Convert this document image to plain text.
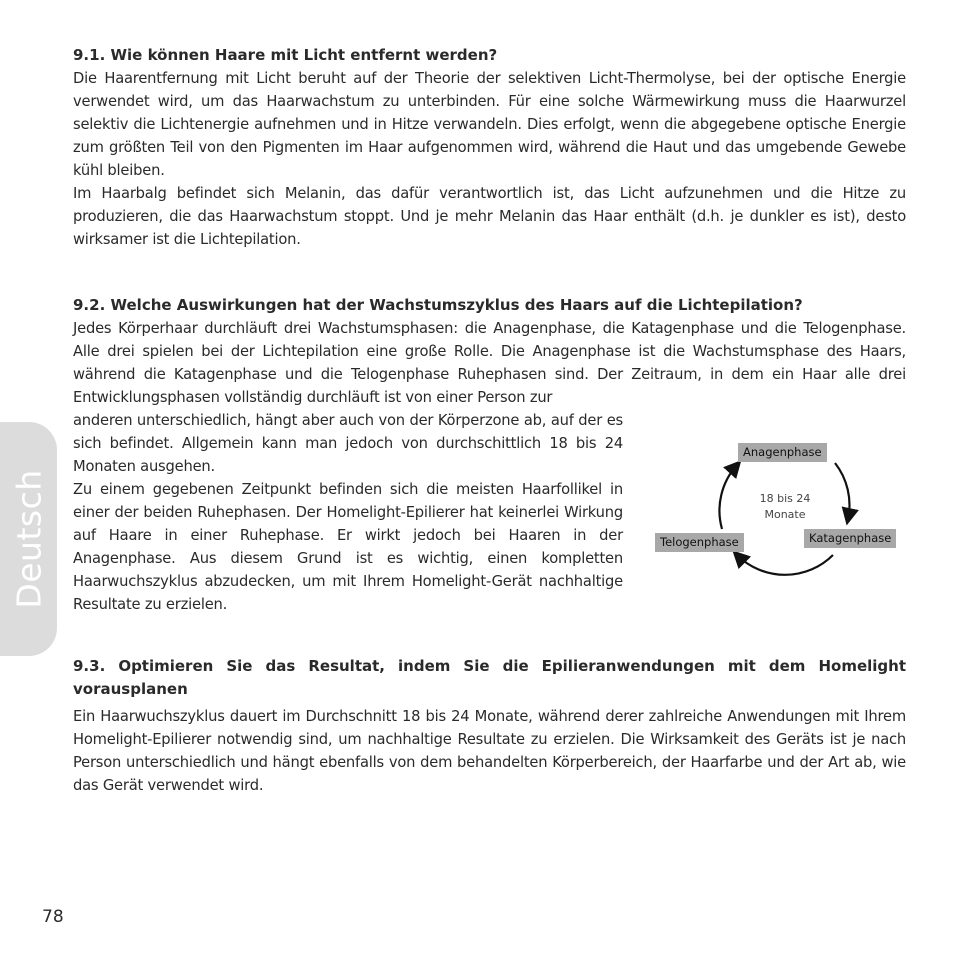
Deutsch

9.1. Wie können Haare mit Licht entfernt werden?

Die Haarentfernung mit Licht beruht auf der Theorie der selektiven Licht-Thermolyse, bei der optische Energie verwendet wird, um das Haarwachstum zu unterbinden. Für eine solche Wärmewirkung muss die Haarwurzel selektiv die Lichtenergie aufnehmen und in Hitze verwandeln. Dies erfolgt, wenn die abgegebene optische Energie zum größten Teil von den Pigmenten im Haar aufgenommen wird, während die Haut und das umgebende Gewebe kühl bleiben.

Im Haarbalg befindet sich Melanin, das dafür verantwortlich ist, das Licht aufzunehmen und die Hitze zu produzieren, die das Haarwachstum stoppt. Und je mehr Melanin das Haar enthält (d.h. je dunkler es ist), desto wirksamer ist die Lichtepilation.

9.2. Welche Auswirkungen hat der Wachstumszyklus des Haars auf die Lichtepilation?

Jedes Körperhaar durchläuft drei Wachstumsphasen: die Anagenphase, die Katagenphase und die Telogenphase. Alle drei spielen bei der Lichtepilation eine große Rolle. Die Anagenphase ist die Wachstumsphase des Haars, während die Katagenphase und die Telogenphase Ruhephasen sind. Der Zeitraum, in dem ein Haar alle drei Entwicklungsphasen vollständig durchläuft ist von einer Person zur

anderen unterschiedlich, hängt aber auch von der Körperzone ab, auf der es sich befindet. Allgemein kann man jedoch von durchschittlich 18 bis 24 Monaten ausgehen.

Zu einem gegebenen Zeitpunkt befinden sich die meisten Haarfollikel in einer der beiden Ruhephasen. Der Homelight-Epilierer hat keinerlei Wirkung auf Haare in einer Ruhephase. Er wirkt jedoch bei Haaren in der Anagenphase. Aus diesem Grund ist es wichtig, einen kompletten Haarwuchszyklus abzudecken, um mit Ihrem Homelight-Gerät nachhaltige Resultate zu erzielen.

18 bis 24
Monate
Anagenphase
Katagenphase
Telogenphase

9.3. Optimieren Sie das Resultat, indem Sie die Epilieranwendungen mit dem Homelight vorausplanen

Ein Haarwuchszyklus dauert im Durchschnitt 18 bis 24 Monate, während derer zahlreiche Anwendungen mit Ihrem Homelight-Epilierer notwendig sind, um nachhaltige Resultate zu erzielen. Die Wirksamkeit des Geräts ist je nach Person unterschiedlich und hängt ebenfalls von dem behandelten Körperbereich, der Haarfarbe und der Art ab, wie das Gerät verwendet wird.

78
